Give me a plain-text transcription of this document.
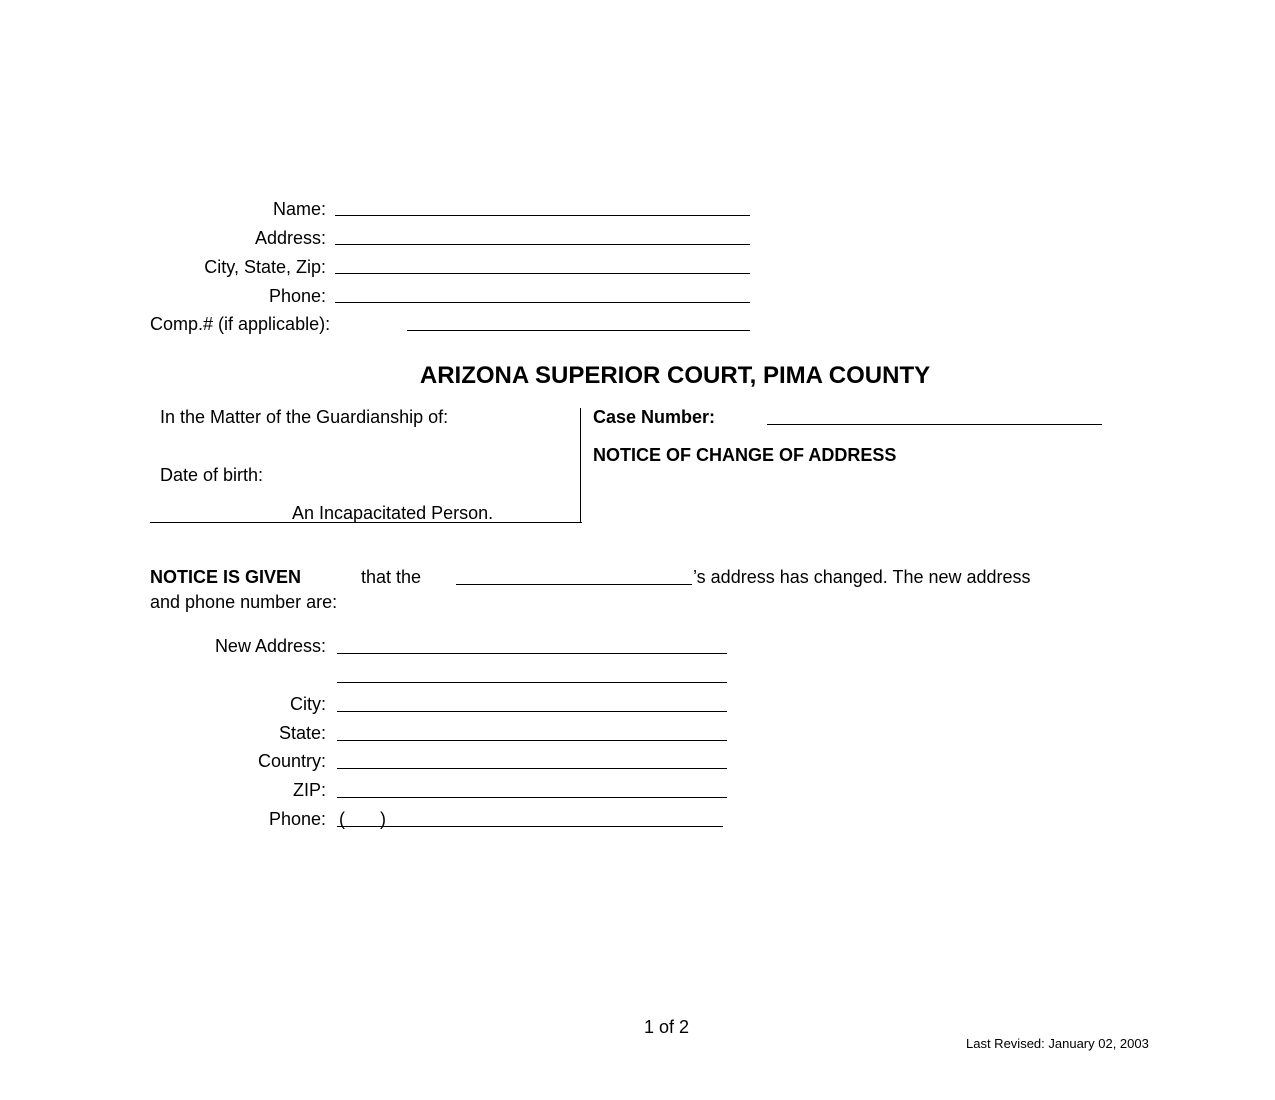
Name:
Address:
City, State, Zip:
Phone:
Comp.# (if applicable):
ARIZONA SUPERIOR COURT, PIMA COUNTY
In the Matter of the Guardianship of:
Date of birth:
An Incapacitated Person.
Case Number:
NOTICE OF CHANGE OF ADDRESS
NOTICE IS GIVEN	that the	’s address has changed. The new address
and phone number are:
New Address:
City:
State:
Country:
ZIP:
Phone: (       )
1 of 2
Last Revised: January 02, 2003
